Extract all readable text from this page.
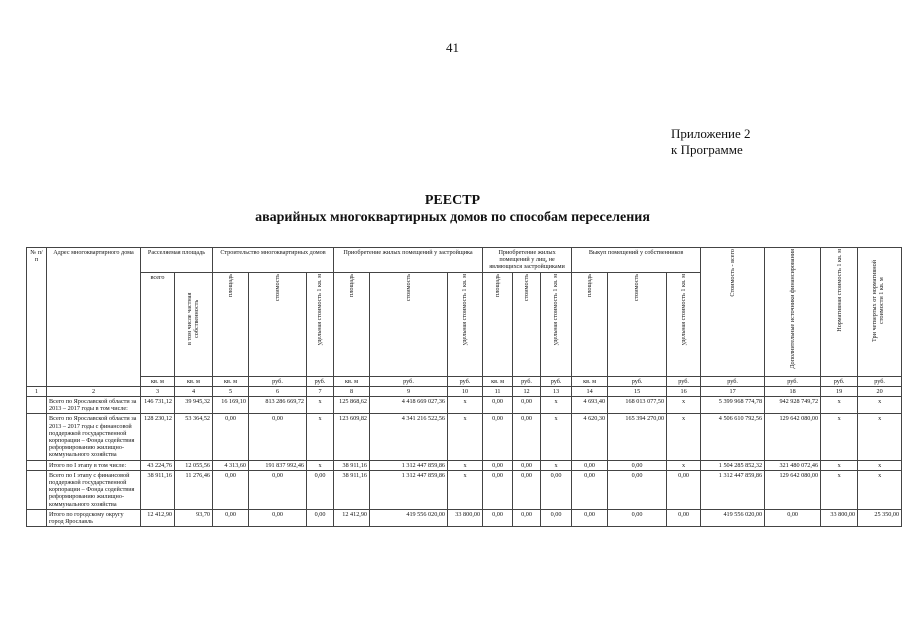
41
Приложение 2
к Программе
РЕЕСТР
аварийных многоквартирных домов по способам переселения
№ п/п	Адрес многоквартирного дома	Расселяемая площадь		Строительство многоквартирных домов			Приобретение жилых помещений у застройщика			Приобретение жилых помещений у лиц, не являющихся застройщиками			Выкуп помещений у собственников			Стоимость - всего	Дополнительные источники финансирования	Нормативная стоимость 1 кв. м	Три четвертых от нормативной стоимости 1 кв. м

		всего	в том числе частная собственность	площадь	стоимость	удельная стоимость 1 кв. м	площадь	стоимость	удельная стоимость 1 кв. м	площадь	стоимость	удельная стоимость 1 кв. м	площадь	стоимость	удельная стоимость 1 кв. м				

		кв. м	кв. м	кв. м	руб.	руб.	кв. м	руб.	руб.	кв. м	руб.	руб.	кв. м	руб.	руб.	руб.	руб.	руб.	руб.
1	2	3	4	5	6	7	8	9	10	11	12	13	14	15	16	17	18	19	20
	Всего по Ярославской области за 2013 – 2017 годы в том числе:	146 731,12	39 945,32	16 169,10	813 286 669,72	x	125 868,62	4 418 669 027,36	x	0,00	0,00	x	4 693,40	168 013 077,50	x	5 399 968 774,78	942 928 749,72	x	x
	Всего по Ярославской области за 2013 – 2017 годы с финансовой поддержкой государственной корпорации – Фонда содействия реформированию жилищно-коммунального хозяйства	128 230,12	53 364,52	0,00	0,00	x	123 609,82	4 341 216 522,56	x	0,00	0,00	x	4 620,30	165 394 270,00	x	4 506 610 792,56	129 642 080,00	x	x
	Итого по I этапу в том числе:	43 224,76	12 055,56	4 313,60	191 837 992,46	x	38 911,16	1 312 447 859,86	x	0,00	0,00	x	0,00	0,00	x	1 504 285 852,32	321 480 072,46	x	x
	Всего по I этапу с финансовой поддержкой государственной корпорации – Фонда содействия реформированию жилищно-коммунального хозяйства	38 911,16	11 276,46	0,00	0,00	0,00	38 911,16	1 312 447 859,86	x	0,00	0,00	0,00	0,00	0,00	0,00	1 312 447 859,86	129 642 080,00	x	x
	Итого по городскому округу город Ярославль	12 412,90	93,70	0,00	0,00	0,00	12 412,90	419 556 020,00	33 800,00	0,00	0,00	0,00	0,00	0,00	0,00	419 556 020,00	0,00	33 800,00	25 350,00
